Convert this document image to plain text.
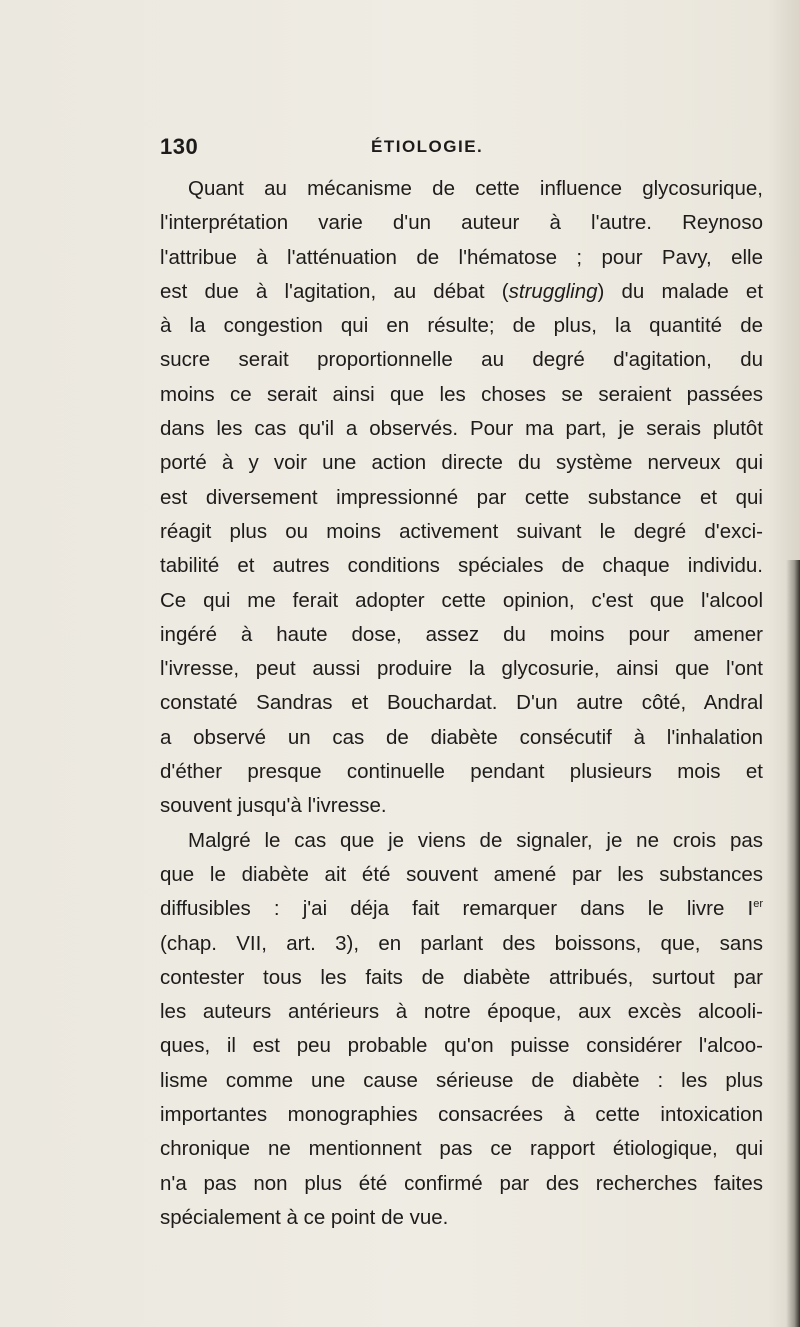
130	ÉTIOLOGIE.
Quant au mécanisme de cette influence glycosurique,
l'interprétation varie d'un auteur à l'autre. Reynoso
l'attribue à l'atténuation de l'hématose ; pour Pavy, elle
est due à l'agitation, au débat (struggling) du malade et
à la congestion qui en résulte; de plus, la quantité de
sucre serait proportionnelle au degré d'agitation, du
moins ce serait ainsi que les choses se seraient passées
dans les cas qu'il a observés. Pour ma part, je serais plutôt
porté à y voir une action directe du système nerveux qui
est diversement impressionné par cette substance et qui
réagit plus ou moins activement suivant le degré d'exci-
tabilité et autres conditions spéciales de chaque individu.
Ce qui me ferait adopter cette opinion, c'est que l'alcool
ingéré à haute dose, assez du moins pour amener
l'ivresse, peut aussi produire la glycosurie, ainsi que l'ont
constaté Sandras et Bouchardat. D'un autre côté, Andral
a observé un cas de diabète consécutif à l'inhalation
d'éther presque continuelle pendant plusieurs mois et
souvent jusqu'à l'ivresse.
Malgré le cas que je viens de signaler, je ne crois pas
que le diabète ait été souvent amené par les substances
diffusibles : j'ai déja fait remarquer dans le livre Ier
(chap. VII, art. 3), en parlant des boissons, que, sans
contester tous les faits de diabète attribués, surtout par
les auteurs antérieurs à notre époque, aux excès alcooli-
ques, il est peu probable qu'on puisse considérer l'alcoo-
lisme comme une cause sérieuse de diabète : les plus
importantes monographies consacrées à cette intoxication
chronique ne mentionnent pas ce rapport étiologique, qui
n'a pas non plus été confirmé par des recherches faites
spécialement à ce point de vue.
